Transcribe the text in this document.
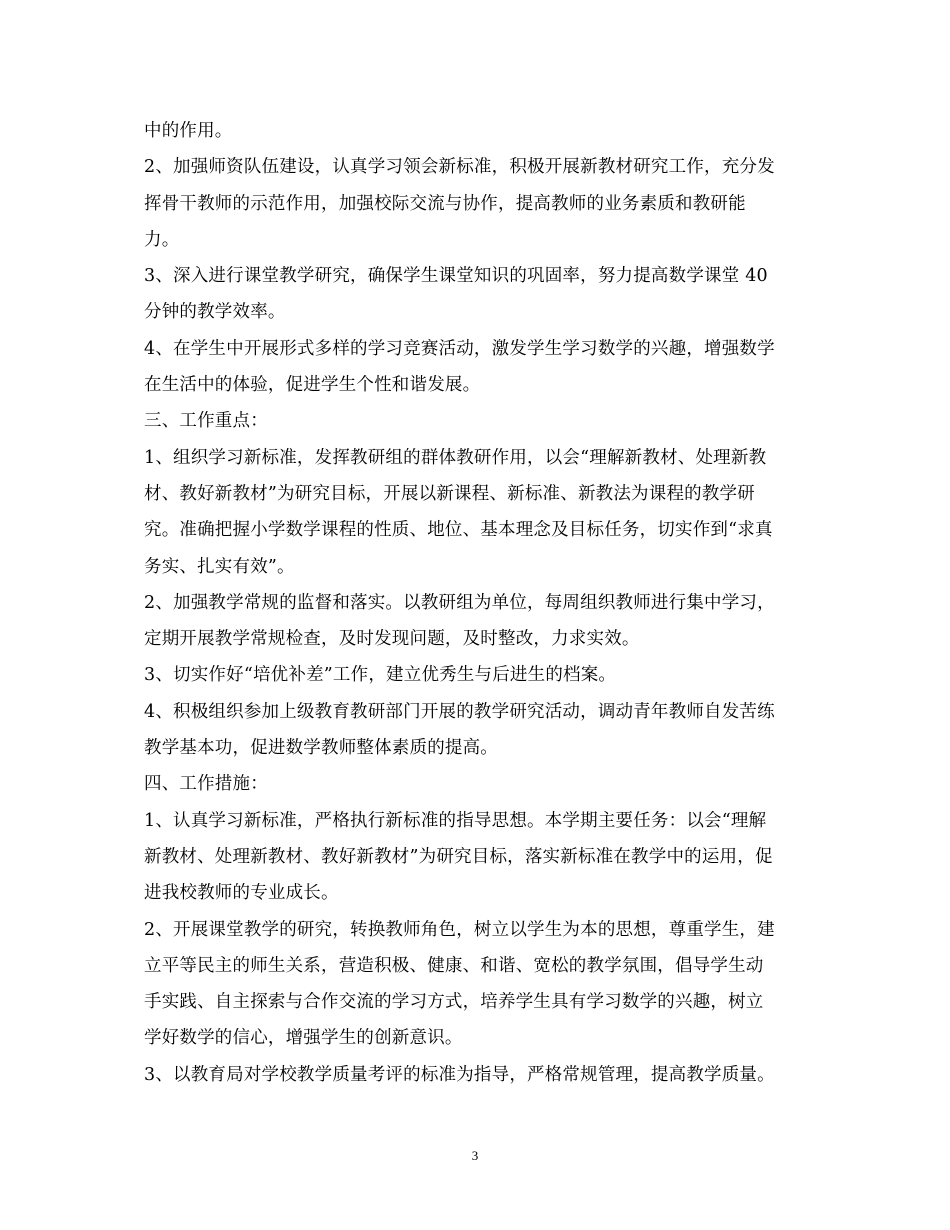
中的作用。
2、加强师资队伍建设，认真学习领会新标准，积极开展新教材研究工作，充分发
挥骨干教师的示范作用，加强校际交流与协作，提高教师的业务素质和教研能
力。
3、深入进行课堂教学研究，确保学生课堂知识的巩固率，努力提高数学课堂 40
分钟的教学效率。
4、在学生中开展形式多样的学习竞赛活动，激发学生学习数学的兴趣，增强数学
在生活中的体验，促进学生个性和谐发展。
三、工作重点：
1、组织学习新标准，发挥教研组的群体教研作用，以会“理解新教材、处理新教
材、教好新教材”为研究目标，开展以新课程、新标准、新教法为课程的教学研
究。准确把握小学数学课程的性质、地位、基本理念及目标任务，切实作到“求真
务实、扎实有效”。
2、加强教学常规的监督和落实。以教研组为单位，每周组织教师进行集中学习，
定期开展教学常规检查，及时发现问题，及时整改，力求实效。
3、切实作好“培优补差”工作，建立优秀生与后进生的档案。
4、积极组织参加上级教育教研部门开展的教学研究活动，调动青年教师自发苦练
教学基本功，促进数学教师整体素质的提高。
四、工作措施：
1、认真学习新标准，严格执行新标准的指导思想。本学期主要任务：以会“理解
新教材、处理新教材、教好新教材”为研究目标，落实新标准在教学中的运用，促
进我校教师的专业成长。
2、开展课堂教学的研究，转换教师角色，树立以学生为本的思想，尊重学生，建
立平等民主的师生关系，营造积极、健康、和谐、宽松的教学氛围，倡导学生动
手实践、自主探索与合作交流的学习方式，培养学生具有学习数学的兴趣，树立
学好数学的信心，增强学生的创新意识。
3、以教育局对学校教学质量考评的标准为指导，严格常规管理，提高教学质量。
3
